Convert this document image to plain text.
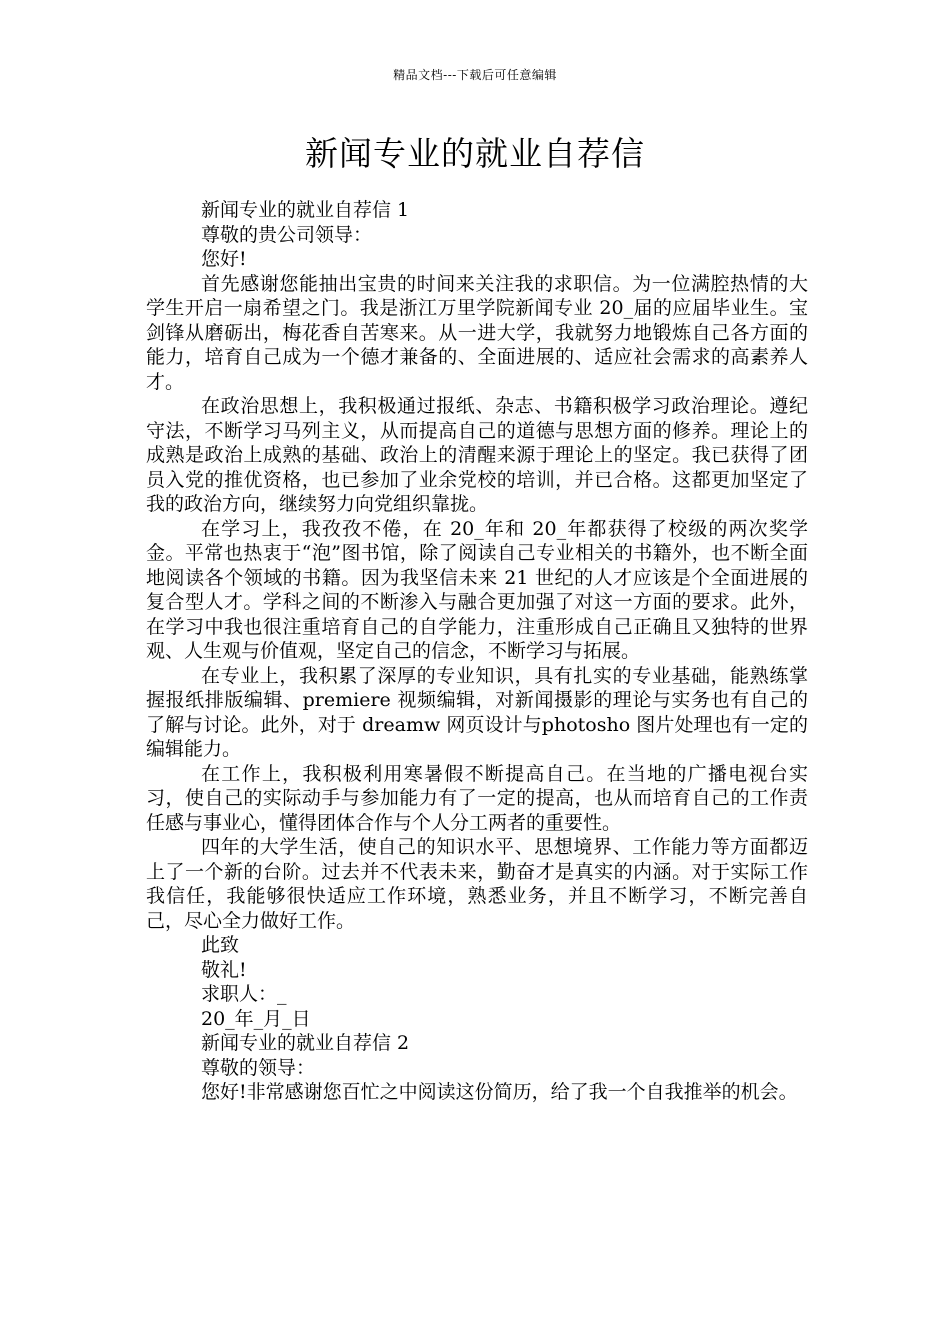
精品文档---下载后可任意编辑
新闻专业的就业自荐信

新闻专业的就业自荐信 1

尊敬的贵公司领导：

您好!

首先感谢您能抽出宝贵的时间来关注我的求职信。为一位满腔热情的大学生开启一扇希望之门。我是浙江万里学院新闻专业 20_届的应届毕业生。宝剑锋从磨砺出，梅花香自苦寒来。从一进大学，我就努力地锻炼自己各方面的能力，培育自己成为一个德才兼备的、全面进展的、适应社会需求的高素养人才。

在政治思想上，我积极通过报纸、杂志、书籍积极学习政治理论。遵纪守法，不断学习马列主义，从而提高自己的道德与思想方面的修养。理论上的成熟是政治上成熟的基础、政治上的清醒来源于理论上的坚定。我已获得了团员入党的推优资格，也已参加了业余党校的培训，并已合格。这都更加坚定了我的政治方向，继续努力向党组织靠拢。

在学习上，我孜孜不倦，在 20_年和 20_年都获得了校级的两次奖学金。平常也热衷于“泡”图书馆，除了阅读自己专业相关的书籍外，也不断全面地阅读各个领域的书籍。因为我坚信未来 21 世纪的人才应该是个全面进展的复合型人才。学科之间的不断渗入与融合更加强了对这一方面的要求。此外，在学习中我也很注重培育自己的自学能力，注重形成自己正确且又独特的世界观、人生观与价值观，坚定自己的信念，不断学习与拓展。

在专业上，我积累了深厚的专业知识，具有扎实的专业基础，能熟练掌握报纸排版编辑、premiere 视频编辑，对新闻摄影的理论与实务也有自己的了解与讨论。此外，对于 dreamw 网页设计与photosho 图片处理也有一定的编辑能力。

在工作上，我积极利用寒暑假不断提高自己。在当地的广播电视台实习，使自己的实际动手与参加能力有了一定的提高，也从而培育自己的工作责任感与事业心，懂得团体合作与个人分工两者的重要性。

四年的大学生活，使自己的知识水平、思想境界、工作能力等方面都迈上了一个新的台阶。过去并不代表未来，勤奋才是真实的内涵。对于实际工作我信任，我能够很快适应工作环境，熟悉业务，并且不断学习，不断完善自己，尽心全力做好工作。

此致

敬礼!

求职人：_

20_年_月_日

新闻专业的就业自荐信 2

尊敬的领导：

您好!非常感谢您百忙之中阅读这份简历，给了我一个自我推举的机会。
